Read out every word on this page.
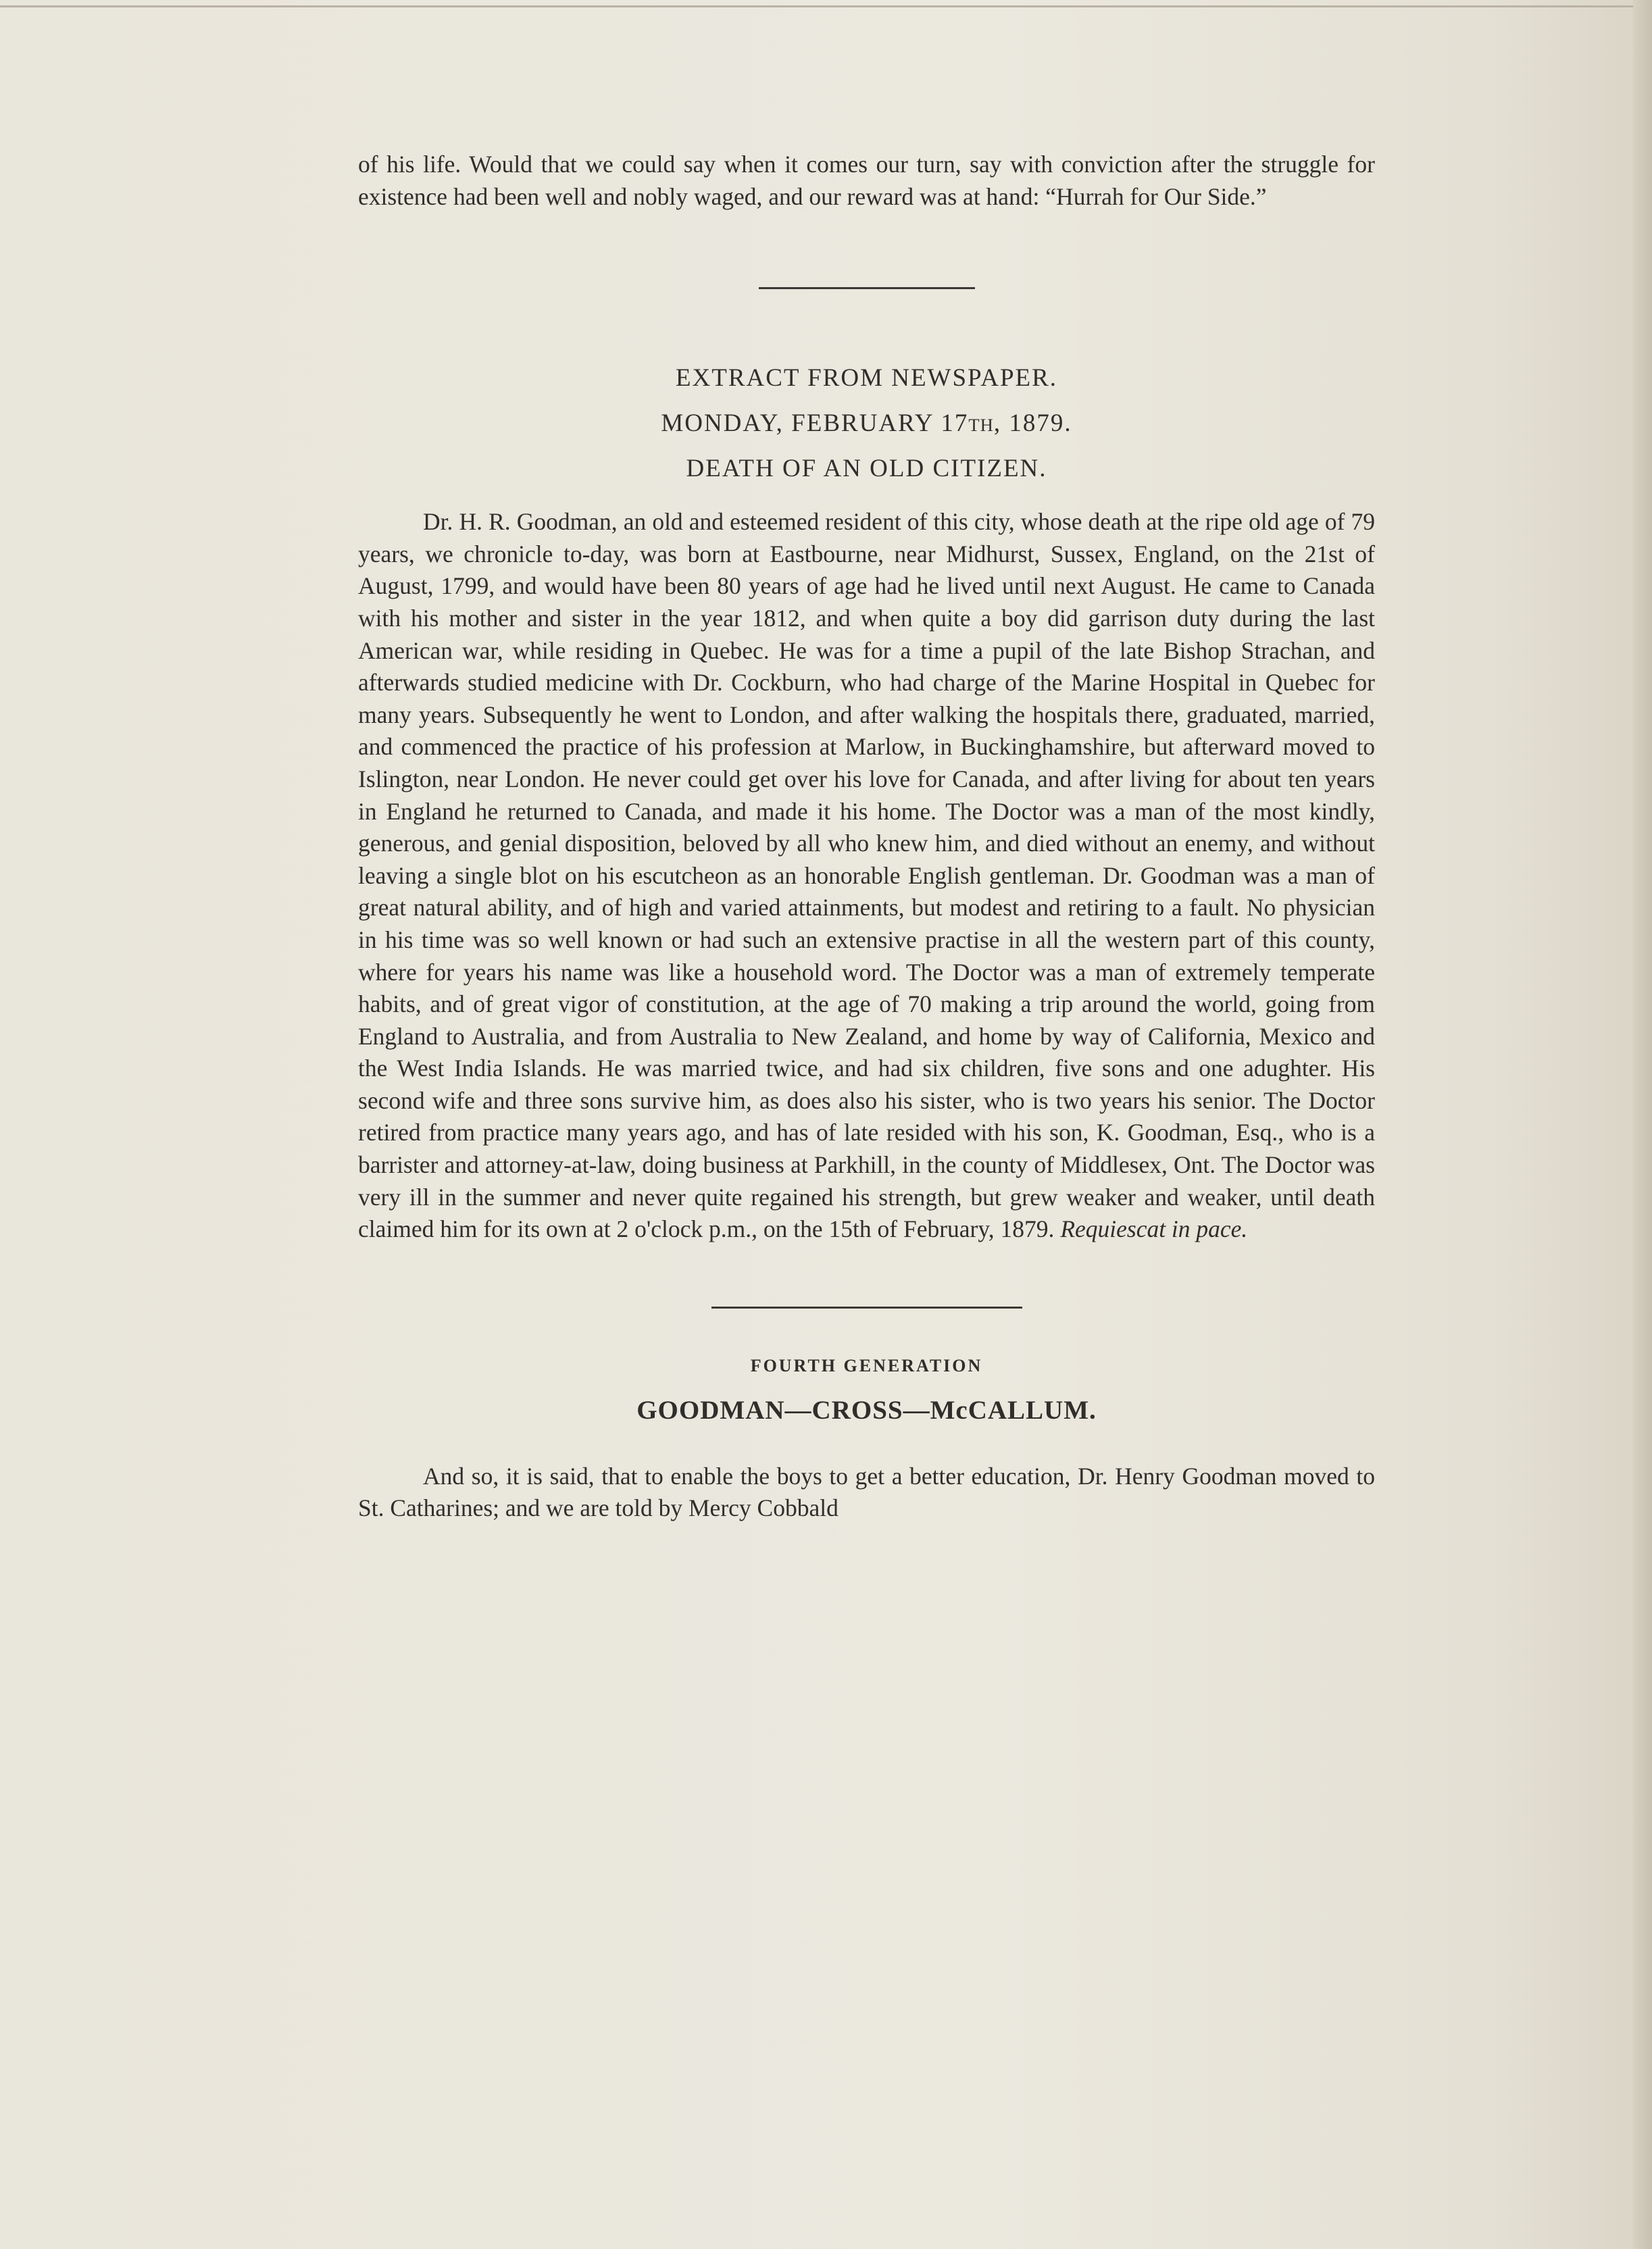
of his life. Would that we could say when it comes our turn, say with conviction after the struggle for existence had been well and nobly waged, and our reward was at hand: “Hurrah for Our Side.”

EXTRACT FROM NEWSPAPER.
MONDAY, FEBRUARY 17TH, 1879.
DEATH OF AN OLD CITIZEN.

Dr. H. R. Goodman, an old and esteemed resident of this city, whose death at the ripe old age of 79 years, we chronicle to-day, was born at Eastbourne, near Midhurst, Sussex, England, on the 21st of August, 1799, and would have been 80 years of age had he lived until next August. He came to Canada with his mother and sister in the year 1812, and when quite a boy did garrison duty during the last American war, while residing in Quebec. He was for a time a pupil of the late Bishop Strachan, and afterwards studied medicine with Dr. Cockburn, who had charge of the Marine Hospital in Quebec for many years. Subsequently he went to London, and after walking the hospitals there, graduated, married, and commenced the practice of his profession at Marlow, in Buckinghamshire, but afterward moved to Islington, near London. He never could get over his love for Canada, and after living for about ten years in England he returned to Canada, and made it his home. The Doctor was a man of the most kindly, generous, and genial disposition, beloved by all who knew him, and died without an enemy, and without leaving a single blot on his escutcheon as an honorable English gentleman. Dr. Goodman was a man of great natural ability, and of high and varied attainments, but modest and retiring to a fault. No physician in his time was so well known or had such an extensive practise in all the western part of this county, where for years his name was like a household word. The Doctor was a man of extremely temperate habits, and of great vigor of constitution, at the age of 70 making a trip around the world, going from England to Australia, and from Australia to New Zealand, and home by way of California, Mexico and the West India Islands. He was married twice, and had six children, five sons and one adughter. His second wife and three sons survive him, as does also his sister, who is two years his senior. The Doctor retired from practice many years ago, and has of late resided with his son, K. Goodman, Esq., who is a barrister and attorney-at-law, doing business at Parkhill, in the county of Middlesex, Ont. The Doctor was very ill in the summer and never quite regained his strength, but grew weaker and weaker, until death claimed him for its own at 2 o'clock p.m., on the 15th of February, 1879. Requiescat in pace.

FOURTH GENERATION
GOODMAN—CROSS—McCALLUM.

And so, it is said, that to enable the boys to get a better education, Dr. Henry Goodman moved to St. Catharines; and we are told by Mercy Cobbald
